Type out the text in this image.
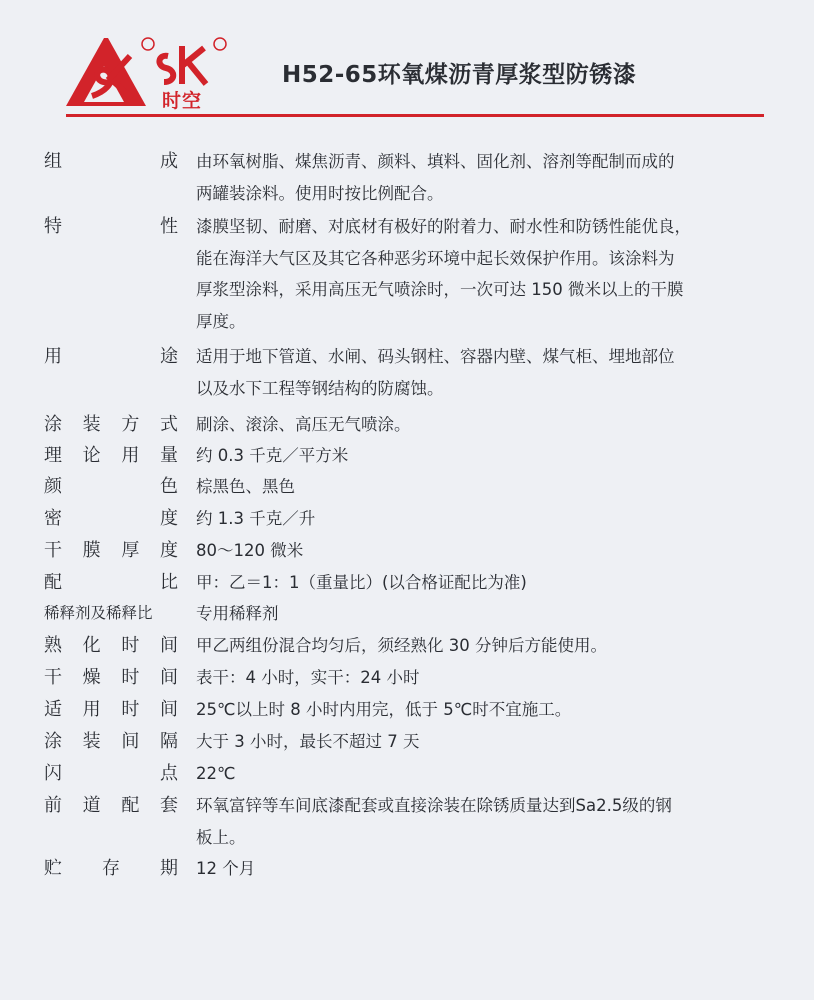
时空
H52-65环氧煤沥青厚浆型防锈漆
组	成 由环氧树脂、煤焦沥青、颜料、填料、固化剂、溶剂等配制而成的
两罐装涂料。使用时按比例配合。
特	性 漆膜坚韧、耐磨、对底材有极好的附着力、耐水性和防锈性能优良，
能在海洋大气区及其它各种恶劣环境中起长效保护作用。该涂料为
厚浆型涂料，采用高压无气喷涂时，一次可达 150 微米以上的干膜
厚度。
用	途 适用于地下管道、水闸、码头钢柱、容器内壁、煤气柜、埋地部位
以及水下工程等钢结构的防腐蚀。
涂 装 方 式 刷涂、滚涂、高压无气喷涂。
理 论 用 量 约 0.3 千克／平方米
颜	色 棕黑色、黑色
密	度 约 1.3 千克／升
干 膜 厚 度 80～120 微米
配	比 甲：乙＝1：1（重量比）(以合格证配比为准)
稀释剂及稀释比	专用稀释剂
熟 化 时 间 甲乙两组份混合均匀后，须经熟化 30 分钟后方能使用。
干 燥 时 间 表干：4 小时，实干：24 小时
适 用 时 间 25℃以上时 8 小时内用完，低于 5℃时不宜施工。
涂 装 间 隔 大于 3 小时，最长不超过 7 天
闪	点 22℃
前 道 配 套 环氧富锌等车间底漆配套或直接涂装在除锈质量达到Sa2.5级的钢
板上。
贮 存 期 12 个月
